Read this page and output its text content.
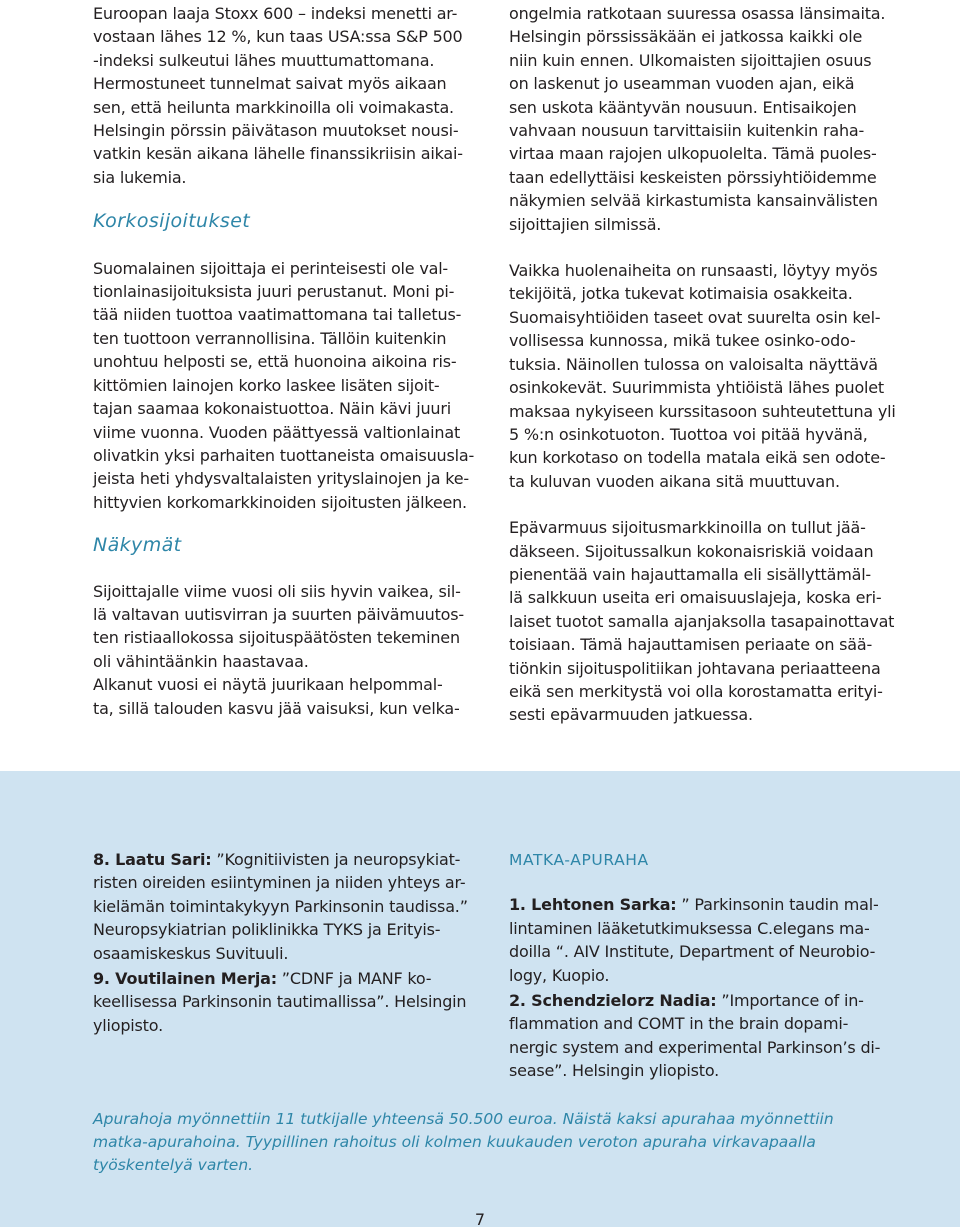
Euroopan laaja Stoxx 600 – indeksi menetti ar-
vostaan lähes 12 %, kun taas USA:ssa S&P 500
-indeksi sulkeutui lähes muuttumattomana.
Hermostuneet tunnelmat saivat myös aikaan
sen, että heilunta markkinoilla oli voimakasta.
Helsingin pörssin päivätason muutokset nousi-
vatkin kesän aikana lähelle finanssikriisin aikai-
sia lukemia.

Korkosijoitukset

Suomalainen sijoittaja ei perinteisesti ole val-
tionlainasijoituksista juuri perustanut. Moni pi-
tää niiden tuottoa vaatimattomana tai talletus-
ten tuottoon verrannollisina. Tällöin kuitenkin
unohtuu helposti se, että huonoina aikoina ris-
kittömien lainojen korko laskee lisäten sijoit-
tajan saamaa kokonaistuottoa. Näin kävi juuri
viime vuonna. Vuoden päättyessä valtionlainat
olivatkin yksi parhaiten tuottaneista omaisuusla-
jeista heti yhdysvaltalaisten yrityslainojen ja ke-
hittyvien korkomarkkinoiden sijoitusten jälkeen.

Näkymät

Sijoittajalle viime vuosi oli siis hyvin vaikea, sil-
lä valtavan uutisvirran ja suurten päivämuutos-
ten ristiaallokossa sijoituspäätösten tekeminen
oli vähintäänkin haastavaa.
Alkanut vuosi ei näytä juurikaan helpommal-
ta, sillä talouden kasvu jää vaisuksi, kun velka-

ongelmia ratkotaan suuressa osassa länsimaita.
Helsingin pörssissäkään ei jatkossa kaikki ole
niin kuin ennen. Ulkomaisten sijoittajien osuus
on laskenut jo useamman vuoden ajan, eikä
sen uskota kääntyvän nousuun. Entisaikojen
vahvaan nousuun tarvittaisiin kuitenkin raha-
virtaa maan rajojen ulkopuolelta. Tämä puoles-
taan edellyttäisi keskeisten pörssiyhtiöidemme
näkymien selvää kirkastumista kansainvälisten
sijoittajien silmissä.

Vaikka huolenaiheita on runsaasti, löytyy myös
tekijöitä, jotka tukevat kotimaisia osakkeita.
Suomaisyhtiöiden taseet ovat suurelta osin kel-
vollisessa kunnossa, mikä tukee osinko-odo-
tuksia. Näinollen tulossa on valoisalta näyttävä
osinkokevät. Suurimmista yhtiöistä lähes puolet
maksaa nykyiseen kurssitasoon suhteutettuna yli
5 %:n osinkotuoton. Tuottoa voi pitää hyvänä,
kun korkotaso on todella matala eikä sen odote-
ta kuluvan vuoden aikana sitä muuttuvan.

Epävarmuus sijoitusmarkkinoilla on tullut jää-
däkseen. Sijoitussalkun kokonaisriskiä voidaan
pienentää vain hajauttamalla eli sisällyttämäl-
lä salkkuun useita eri omaisuuslajeja, koska eri-
laiset tuotot samalla ajanjaksolla tasapainottavat
toisiaan. Tämä hajauttamisen periaate on sää-
tiönkin sijoituspolitiikan johtavana periaatteena
eikä sen merkitystä voi olla korostamatta erityi-
sesti epävarmuuden jatkuessa.

8. Laatu Sari: ”Kognitiivisten ja neuropsykiat-
risten oireiden esiintyminen ja niiden yhteys ar-
kielämän toimintakykyyn Parkinsonin taudissa.”
Neuropsykiatrian poliklinikka TYKS ja Erityis-
osaamiskeskus Suvituuli.

9. Voutilainen Merja: ”CDNF ja MANF ko-
keellisessa Parkinsonin tautimallissa”. Helsingin
yliopisto.

MATKA-APURAHA

1. Lehtonen Sarka: ” Parkinsonin taudin mal-
lintaminen lääketutkimuksessa C.elegans ma-
doilla “. AIV Institute, Department of Neurobio-
logy, Kuopio.

2. Schendzielorz Nadia: ”Importance of in-
flammation and COMT in the brain dopami-
nergic system and experimental Parkinson’s di-
sease”. Helsingin yliopisto.

Apurahoja myönnettiin 11 tutkijalle yhteensä 50.500 euroa. Näistä kaksi apurahaa myönnettiin
matka-apurahoina. Tyypillinen rahoitus oli kolmen kuukauden veroton apuraha virkavapaalla
työskentelyä varten.
7
